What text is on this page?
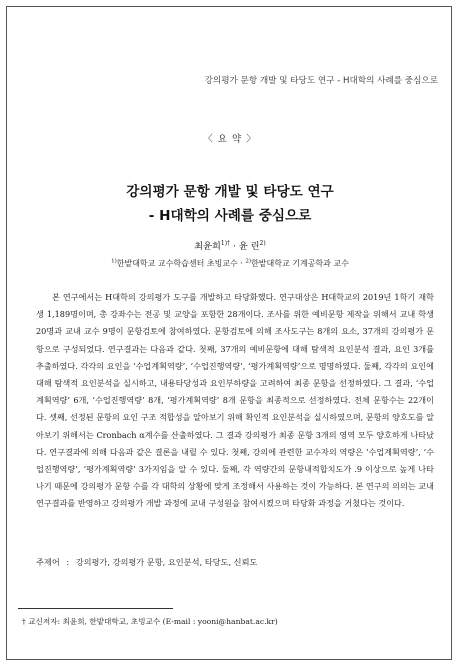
강의평가 문항 개발 및 타당도 연구 - H대학의 사례를 중심으로
〈 요 약 〉
강의평가 문항 개발 및 타당도 연구
- H대학의 사례를 중심으로
최윤희$^{1)\dagger}$ · 윤 린$^{2)}$
$^{1)}$한밭대학교 교수학습센터 초빙교수 · $^{2)}$한밭대학교 기계공학과 교수

본 연구에서는 H대학의 강의평가 도구를 개발하고 타당화했다. 연구대상은 H대학교의 2019년 1학기 재학생 1,189명이며, 총 강좌수는 전공 및 교양을 포함한 28개이다. 조사를 위한 예비문항 제작을 위해서 교내 학생 20명과 교내 교수 9명이 문항검토에 참여하였다. 문항검토에 의해 조사도구는 8개의 요소, 37개의 강의평가 문항으로 구성되었다. 연구결과는 다음과 같다. 첫째, 37개의 예비문항에 대해 탐색적 요인분석 결과, 요인 3개를 추출하였다. 각각의 요인을 ‘수업계획역량’, ‘수업진행역량’, ‘평가계획역량’으로 명명하였다. 둘째, 각각의 요인에 대해 탐색적 요인분석을 실시하고, 내용타당성과 요인부하량을 고려하여 최종 문항을 선정하였다. 그 결과, ‘수업계획역량’ 6개, ‘수업진행역량’ 8개, ‘평가계획역량’ 8개 문항을 최종적으로 선정하였다. 전체 문항수는 22개이다. 셋째, 선정된 문항의 요인 구조 적합성을 알아보기 위해 확인적 요인분석을 실시하였으며, 문항의 양호도를 알아보기 위해서는 Cronbach α계수를 산출하였다. 그 결과 강의평가 최종 문항 3개의 영역 모두 양호하게 나타났다. 연구결과에 의해 다음과 같은 결론을 내릴 수 있다. 첫째, 강의에 관련한 교수자의 역량은 ‘수업계획역량’, ‘수업진행역량’, ‘평가계획역량’ 3가지임을 알 수 있다. 둘째, 각 역량간의 문항내적합치도가 .9 이상으로 높게 나타나기 때문에 강의평가 문항 수를 각 대학의 상황에 맞게 조정해서 사용하는 것이 가능하다. 본 연구의 의의는 교내 연구결과를 반영하고 강의평가 개발 과정에 교내 구성원을 참여시켰으며 타당화 과정을 거쳤다는 것이다.

주제어 : 강의평가, 강의평가 문항, 요인분석, 타당도, 신뢰도
† 교신저자: 최윤희, 한밭대학교, 초빙교수 (E-mail : yooni@hanbat.ac.kr)
